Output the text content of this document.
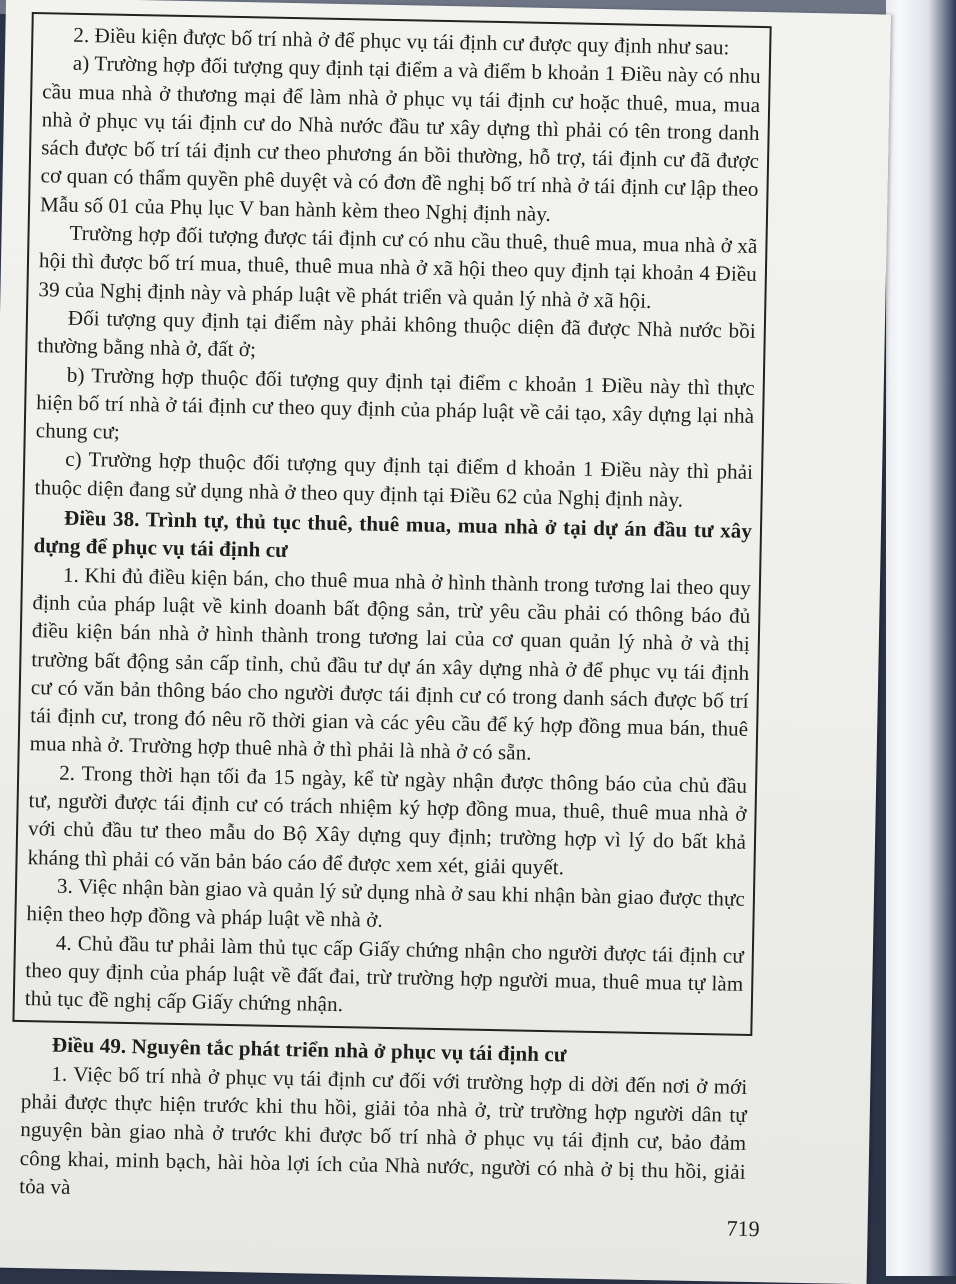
2. Điều kiện được bố trí nhà ở để phục vụ tái định cư được quy định như sau:

a) Trường hợp đối tượng quy định tại điểm a và điểm b khoản 1 Điều này có nhu cầu mua nhà ở thương mại để làm nhà ở phục vụ tái định cư hoặc thuê, mua, mua nhà ở phục vụ tái định cư do Nhà nước đầu tư xây dựng thì phải có tên trong danh sách được bố trí tái định cư theo phương án bồi thường, hỗ trợ, tái định cư đã được cơ quan có thẩm quyền phê duyệt và có đơn đề nghị bố trí nhà ở tái định cư lập theo Mẫu số 01 của Phụ lục V ban hành kèm theo Nghị định này.

Trường hợp đối tượng được tái định cư có nhu cầu thuê, thuê mua, mua nhà ở xã hội thì được bố trí mua, thuê, thuê mua nhà ở xã hội theo quy định tại khoản 4 Điều 39 của Nghị định này và pháp luật về phát triển và quản lý nhà ở xã hội.

Đối tượng quy định tại điểm này phải không thuộc diện đã được Nhà nước bồi thường bằng nhà ở, đất ở;

b) Trường hợp thuộc đối tượng quy định tại điểm c khoản 1 Điều này thì thực hiện bố trí nhà ở tái định cư theo quy định của pháp luật về cải tạo, xây dựng lại nhà chung cư;

c) Trường hợp thuộc đối tượng quy định tại điểm d khoản 1 Điều này thì phải thuộc diện đang sử dụng nhà ở theo quy định tại Điều 62 của Nghị định này.

Điều 38. Trình tự, thủ tục thuê, thuê mua, mua nhà ở tại dự án đầu tư xây dựng để phục vụ tái định cư

1. Khi đủ điều kiện bán, cho thuê mua nhà ở hình thành trong tương lai theo quy định của pháp luật về kinh doanh bất động sản, trừ yêu cầu phải có thông báo đủ điều kiện bán nhà ở hình thành trong tương lai của cơ quan quản lý nhà ở và thị trường bất động sản cấp tỉnh, chủ đầu tư dự án xây dựng nhà ở để phục vụ tái định cư có văn bản thông báo cho người được tái định cư có trong danh sách được bố trí tái định cư, trong đó nêu rõ thời gian và các yêu cầu để ký hợp đồng mua bán, thuê mua nhà ở. Trường hợp thuê nhà ở thì phải là nhà ở có sẵn.

2. Trong thời hạn tối đa 15 ngày, kể từ ngày nhận được thông báo của chủ đầu tư, người được tái định cư có trách nhiệm ký hợp đồng mua, thuê, thuê mua nhà ở với chủ đầu tư theo mẫu do Bộ Xây dựng quy định; trường hợp vì lý do bất khả kháng thì phải có văn bản báo cáo để được xem xét, giải quyết.

3. Việc nhận bàn giao và quản lý sử dụng nhà ở sau khi nhận bàn giao được thực hiện theo hợp đồng và pháp luật về nhà ở.

4. Chủ đầu tư phải làm thủ tục cấp Giấy chứng nhận cho người được tái định cư theo quy định của pháp luật về đất đai, trừ trường hợp người mua, thuê mua tự làm thủ tục đề nghị cấp Giấy chứng nhận.

Điều 49. Nguyên tắc phát triển nhà ở phục vụ tái định cư

1. Việc bố trí nhà ở phục vụ tái định cư đối với trường hợp di dời đến nơi ở mới phải được thực hiện trước khi thu hồi, giải tỏa nhà ở, trừ trường hợp người dân tự nguyện bàn giao nhà ở trước khi được bố trí nhà ở phục vụ tái định cư, bảo đảm công khai, minh bạch, hài hòa lợi ích của Nhà nước, người có nhà ở bị thu hồi, giải tỏa và

719
